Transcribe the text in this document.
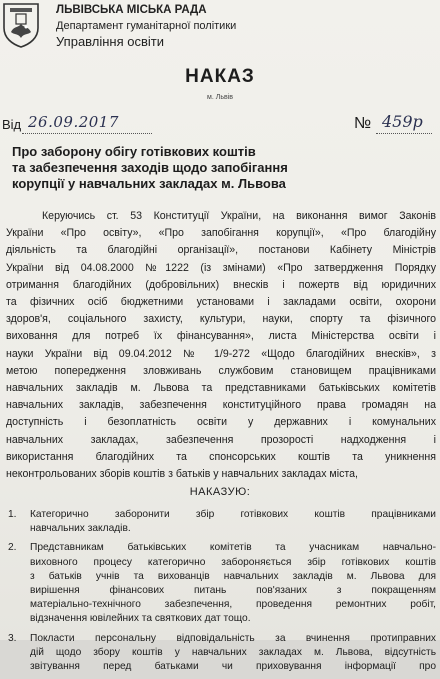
ЛЬВІВСЬКА МІСЬКА РАДА
Департамент гуманітарної політики
Управління освіти
НАКАЗ
м. Львів
Від 26.09.2017	№ 459р
Про заборону обігу готівкових коштів
та забезпечення заходів щодо запобігання
корупції у навчальних закладах м. Львова
Керуючись ст. 53 Конституції України, на виконання вимог Законів
України «Про освіту», «Про запобігання корупції», «Про благодійну
діяльність та благодійні організації», постанови Кабінету Міністрів
України від 04.08.2000 №1222 (із змінами) «Про затвердження Порядку
отримання благодійних (добровільних) внесків і пожертв від юридичних
та фізичних осіб бюджетними установами і закладами освіти, охорони
здоров'я, соціального захисту, культури, науки, спорту та фізичного
виховання для потреб їх фінансування», листа Міністерства освіти і
науки України від 09.04.2012 № 1/9-272 «Щодо благодійних внесків», з
метою попередження зловживань службовим становищем працівниками
навчальних закладів м. Львова та представниками батьківських комітетів
навчальних закладів, забезпечення конституційного права громадян на
доступність і безоплатність освіти у державних і комунальних
навчальних закладах, забезпечення прозорості надходження і
використання благодійних та спонсорських коштів та уникнення
неконтрольованих зборів коштів з батьків у навчальних закладах міста,
НАКАЗУЮ:
1. Категорично заборонити збір готівкових коштів працівниками
навчальних закладів.
2. Представникам батьківських комітетів та учасникам навчально-
виховного процесу категорично забороняється збір готівкових коштів
з батьків учнів та вихованців навчальних закладів м. Львова для
вирішення фінансових питань пов'язаних з покращенням
матеріально-технічного забезпечення, проведення ремонтних робіт,
відзначення ювілейних та святкових дат тощо.
3. Покласти персональну відповідальність за вчинення протиправних
дій щодо збору коштів у навчальних закладах м. Львова, відсутність
звітування перед батьками чи приховування інформації про
